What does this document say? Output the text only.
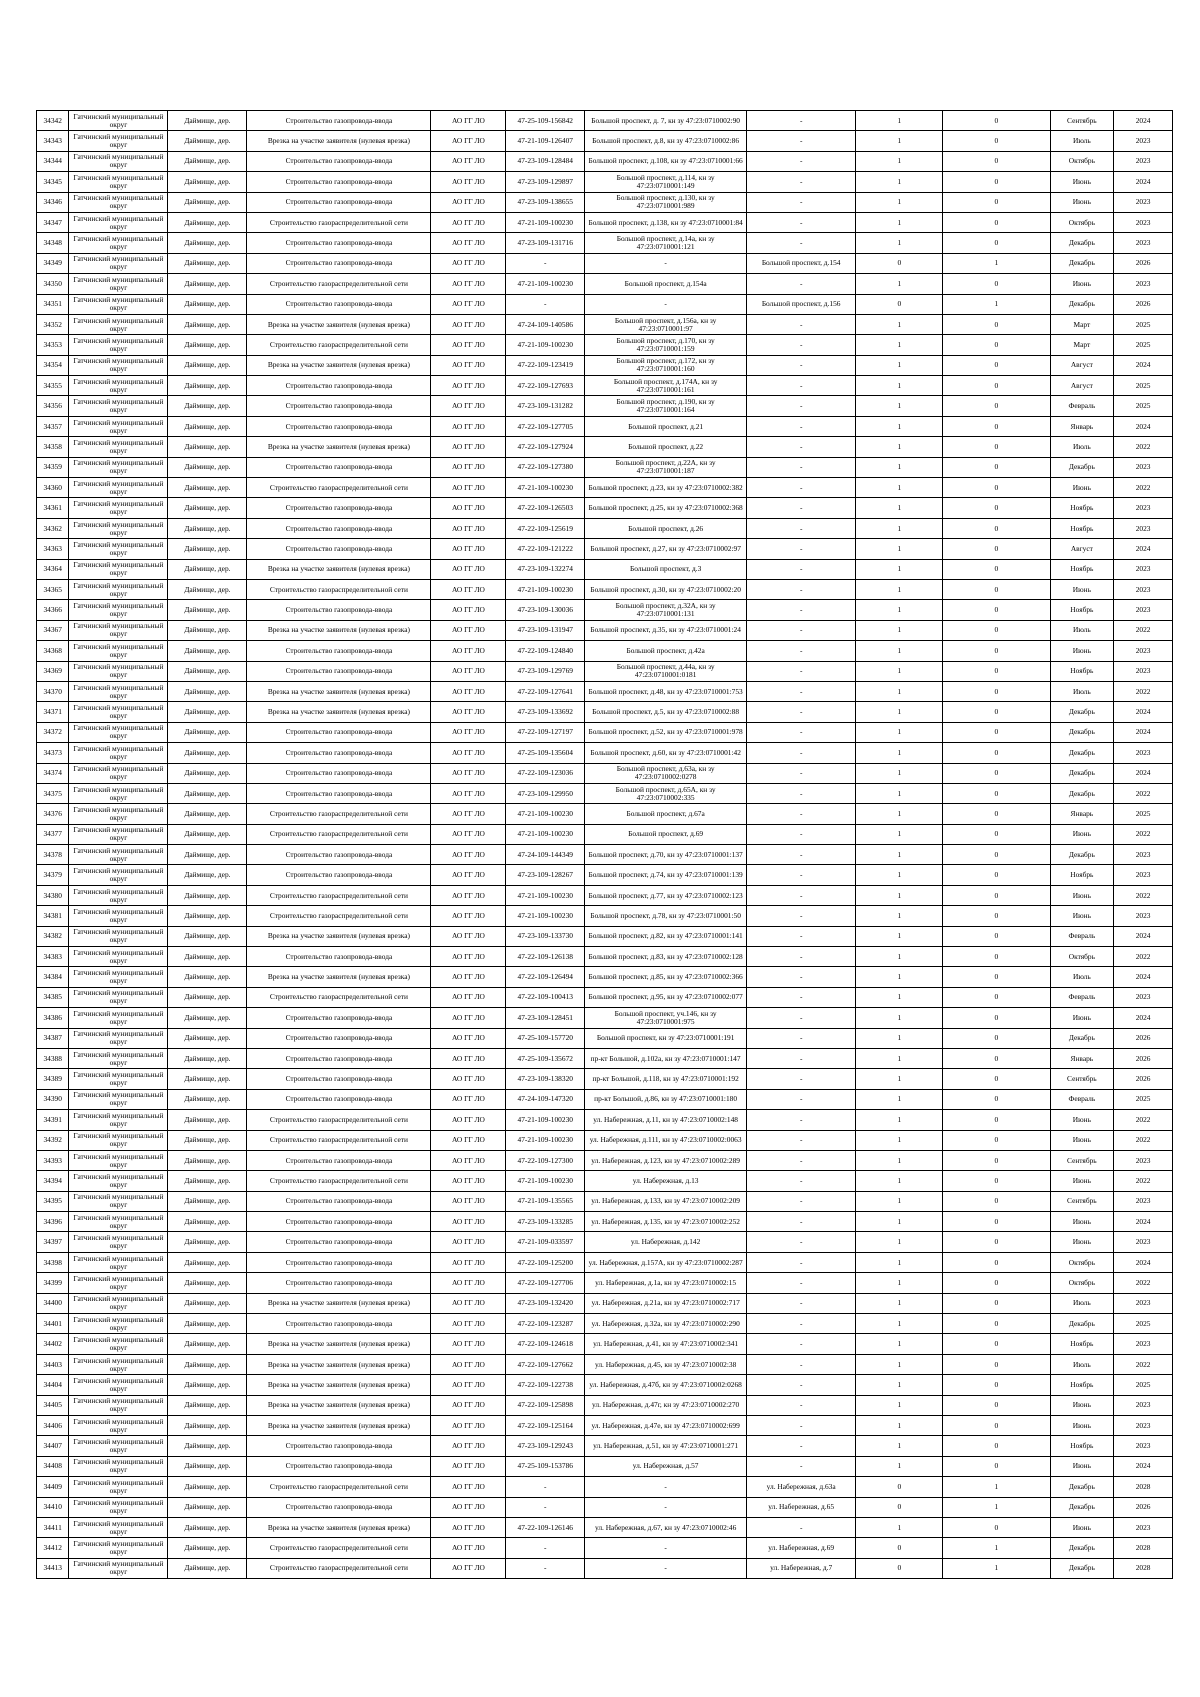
34342	Гатчинский муниципальный округ	Даймище, дер.	Строительство газопровода-ввода	АО ГГ ЛО	47-25-109-156842	Большой проспект, д. 7, кн зу 47:23:0710002:90	-	1	0	Сентябрь	2024
34343	Гатчинский муниципальный округ	Даймище, дер.	Врезка на участке заявителя (нулевая врезка)	АО ГГ ЛО	47-21-109-126407	Большой проспект, д.8, кн зу 47:23:0710002:86	-	1	0	Июль	2023
34344	Гатчинский муниципальный округ	Даймище, дер.	Строительство газопровода-ввода	АО ГГ ЛО	47-23-109-128484	Большой проспект, д.108, кн зу 47:23:0710001:66	-	1	0	Октябрь	2023
34345	Гатчинский муниципальный округ	Даймище, дер.	Строительство газопровода-ввода	АО ГГ ЛО	47-23-109-129897	Большой проспект, д.114, кн зу 47:23:0710001:149	-	1	0	Июнь	2024
34346	Гатчинский муниципальный округ	Даймище, дер.	Строительство газопровода-ввода	АО ГГ ЛО	47-23-109-138655	Большой проспект, д.130, кн зу 47:23:0710001:989	-	1	0	Июнь	2023
34347	Гатчинский муниципальный округ	Даймище, дер.	Строительство газораспределительной сети	АО ГГ ЛО	47-21-109-100230	Большой проспект, д.138, кн зу 47:23:0710001:84	-	1	0	Октябрь	2023
34348	Гатчинский муниципальный округ	Даймище, дер.	Строительство газопровода-ввода	АО ГГ ЛО	47-23-109-131716	Большой проспект, д.14а, кн зу 47:23:0710001:121	-	1	0	Декабрь	2023
34349	Гатчинский муниципальный округ	Даймище, дер.	Строительство газопровода-ввода	АО ГГ ЛО	-	-	Большой проспект, д.154	0	1	Декабрь	2026
34350	Гатчинский муниципальный округ	Даймище, дер.	Строительство газораспределительной сети	АО ГГ ЛО	47-21-109-100230	Большой проспект, д.154а	-	1	0	Июнь	2023
34351	Гатчинский муниципальный округ	Даймище, дер.	Строительство газопровода-ввода	АО ГГ ЛО	-	-	Большой проспект, д.156	0	1	Декабрь	2026
34352	Гатчинский муниципальный округ	Даймище, дер.	Врезка на участке заявителя (нулевая врезка)	АО ГГ ЛО	47-24-109-140586	Большой проспект, д.156а, кн зу 47:23:0710001:97	-	1	0	Март	2025
34353	Гатчинский муниципальный округ	Даймище, дер.	Строительство газораспределительной сети	АО ГГ ЛО	47-21-109-100230	Большой проспект, д.170, кн зу 47:23:0710001:159	-	1	0	Март	2025
34354	Гатчинский муниципальный округ	Даймище, дер.	Врезка на участке заявителя (нулевая врезка)	АО ГГ ЛО	47-22-109-123419	Большой проспект, д.172, кн зу 47:23:0710001:160	-	1	0	Август	2024
34355	Гатчинский муниципальный округ	Даймище, дер.	Строительство газопровода-ввода	АО ГГ ЛО	47-22-109-127693	Большой проспект, д.174А, кн зу 47:23:0710001:161	-	1	0	Август	2025
34356	Гатчинский муниципальный округ	Даймище, дер.	Строительство газопровода-ввода	АО ГГ ЛО	47-23-109-131282	Большой проспект, д.190, кн зу 47:23:0710001:164	-	1	0	Февраль	2025
34357	Гатчинский муниципальный округ	Даймище, дер.	Строительство газопровода-ввода	АО ГГ ЛО	47-22-109-127705	Большой проспект, д.21	-	1	0	Январь	2024
34358	Гатчинский муниципальный округ	Даймище, дер.	Врезка на участке заявителя (нулевая врезка)	АО ГГ ЛО	47-22-109-127924	Большой проспект, д.22	-	1	0	Июль	2022
34359	Гатчинский муниципальный округ	Даймище, дер.	Строительство газопровода-ввода	АО ГГ ЛО	47-22-109-127380	Большой проспект, д.22А, кн зу 47:23:0710001:187	-	1	0	Декабрь	2023
34360	Гатчинский муниципальный округ	Даймище, дер.	Строительство газораспределительной сети	АО ГГ ЛО	47-21-109-100230	Большой проспект, д.23, кн зу 47:23:0710002:382	-	1	0	Июнь	2022
34361	Гатчинский муниципальный округ	Даймище, дер.	Строительство газопровода-ввода	АО ГГ ЛО	47-22-109-126503	Большой проспект, д.25, кн зу 47:23:0710002:368	-	1	0	Ноябрь	2023
34362	Гатчинский муниципальный округ	Даймище, дер.	Строительство газопровода-ввода	АО ГГ ЛО	47-22-109-125619	Большой проспект, д.26	-	1	0	Ноябрь	2023
34363	Гатчинский муниципальный округ	Даймище, дер.	Строительство газопровода-ввода	АО ГГ ЛО	47-22-109-121222	Большой проспект, д.27, кн зу 47:23:0710002:97	-	1	0	Август	2024
34364	Гатчинский муниципальный округ	Даймище, дер.	Врезка на участке заявителя (нулевая врезка)	АО ГГ ЛО	47-23-109-132274	Большой проспект, д.3	-	1	0	Ноябрь	2023
34365	Гатчинский муниципальный округ	Даймище, дер.	Строительство газораспределительной сети	АО ГГ ЛО	47-21-109-100230	Большой проспект, д.30, кн зу 47:23:0710002:20	-	1	0	Июнь	2023
34366	Гатчинский муниципальный округ	Даймище, дер.	Строительство газопровода-ввода	АО ГГ ЛО	47-23-109-130036	Большой проспект, д.32А, кн зу 47:23:0710001:131	-	1	0	Ноябрь	2023
34367	Гатчинский муниципальный округ	Даймище, дер.	Врезка на участке заявителя (нулевая врезка)	АО ГГ ЛО	47-23-109-131947	Большой проспект, д.35, кн зу 47:23:0710001:24	-	1	0	Июль	2022
34368	Гатчинский муниципальный округ	Даймище, дер.	Строительство газопровода-ввода	АО ГГ ЛО	47-22-109-124840	Большой проспект, д.42а	-	1	0	Июнь	2023
34369	Гатчинский муниципальный округ	Даймище, дер.	Строительство газопровода-ввода	АО ГГ ЛО	47-23-109-129769	Большой проспект, д.44а, кн зу 47:23:0710001:0181	-	1	0	Ноябрь	2023
34370	Гатчинский муниципальный округ	Даймище, дер.	Врезка на участке заявителя (нулевая врезка)	АО ГГ ЛО	47-22-109-127641	Большой проспект, д.48, кн зу 47:23:0710001:753	-	1	0	Июль	2022
34371	Гатчинский муниципальный округ	Даймище, дер.	Врезка на участке заявителя (нулевая врезка)	АО ГГ ЛО	47-23-109-133692	Большой проспект, д.5, кн зу 47:23:0710002:88	-	1	0	Декабрь	2024
34372	Гатчинский муниципальный округ	Даймище, дер.	Строительство газопровода-ввода	АО ГГ ЛО	47-22-109-127197	Большой проспект, д.52, кн зу 47:23:0710001:978	-	1	0	Декабрь	2024
34373	Гатчинский муниципальный округ	Даймище, дер.	Строительство газопровода-ввода	АО ГГ ЛО	47-25-109-135604	Большой проспект, д.60, кн зу 47:23:0710001:42	-	1	0	Декабрь	2023
34374	Гатчинский муниципальный округ	Даймище, дер.	Строительство газопровода-ввода	АО ГГ ЛО	47-22-109-123036	Большой проспект, д.63а, кн зу 47:23:0710002:0278	-	1	0	Декабрь	2024
34375	Гатчинский муниципальный округ	Даймище, дер.	Строительство газопровода-ввода	АО ГГ ЛО	47-23-109-129950	Большой проспект, д.65А, кн зу 47:23:0710002:335	-	1	0	Декабрь	2022
34376	Гатчинский муниципальный округ	Даймище, дер.	Строительство газораспределительной сети	АО ГГ ЛО	47-21-109-100230	Большой проспект, д.67а	-	1	0	Январь	2025
34377	Гатчинский муниципальный округ	Даймище, дер.	Строительство газораспределительной сети	АО ГГ ЛО	47-21-109-100230	Большой проспект, д.69	-	1	0	Июнь	2022
34378	Гатчинский муниципальный округ	Даймище, дер.	Строительство газопровода-ввода	АО ГГ ЛО	47-24-109-144349	Большой проспект, д.70, кн зу 47:23:0710001:137	-	1	0	Декабрь	2023
34379	Гатчинский муниципальный округ	Даймище, дер.	Строительство газопровода-ввода	АО ГГ ЛО	47-23-109-128267	Большой проспект, д.74, кн зу 47:23:0710001:139	-	1	0	Ноябрь	2023
34380	Гатчинский муниципальный округ	Даймище, дер.	Строительство газораспределительной сети	АО ГГ ЛО	47-21-109-100230	Большой проспект, д.77, кн зу 47:23:0710002:123	-	1	0	Июнь	2022
34381	Гатчинский муниципальный округ	Даймище, дер.	Строительство газораспределительной сети	АО ГГ ЛО	47-21-109-100230	Большой проспект, д.78, кн зу 47:23:0710001:50	-	1	0	Июнь	2023
34382	Гатчинский муниципальный округ	Даймище, дер.	Врезка на участке заявителя (нулевая врезка)	АО ГГ ЛО	47-23-109-133730	Большой проспект, д.82, кн зу 47:23:0710001:141	-	1	0	Февраль	2024
34383	Гатчинский муниципальный округ	Даймище, дер.	Строительство газопровода-ввода	АО ГГ ЛО	47-22-109-126138	Большой проспект, д.83, кн зу 47:23:0710002:128	-	1	0	Октябрь	2022
34384	Гатчинский муниципальный округ	Даймище, дер.	Врезка на участке заявителя (нулевая врезка)	АО ГГ ЛО	47-22-109-126494	Большой проспект, д.85, кн зу 47:23:0710002:366	-	1	0	Июль	2024
34385	Гатчинский муниципальный округ	Даймище, дер.	Строительство газораспределительной сети	АО ГГ ЛО	47-22-109-100413	Большой проспект, д.95, кн зу 47:23:0710002:077	-	1	0	Февраль	2023
34386	Гатчинский муниципальный округ	Даймище, дер.	Строительство газопровода-ввода	АО ГГ ЛО	47-23-109-128451	Большой проспект, уч.146, кн зу 47:23:0710001:975	-	1	0	Июнь	2024
34387	Гатчинский муниципальный округ	Даймище, дер.	Строительство газопровода-ввода	АО ГГ ЛО	47-25-109-157720	Большой проспект, кн зу 47:23:0710001:191	-	1	0	Декабрь	2026
34388	Гатчинский муниципальный округ	Даймище, дер.	Строительство газопровода-ввода	АО ГГ ЛО	47-25-109-135672	пр-кт Большой, д.102а, кн зу 47:23:0710001:147	-	1	0	Январь	2026
34389	Гатчинский муниципальный округ	Даймище, дер.	Строительство газопровода-ввода	АО ГГ ЛО	47-23-109-138320	пр-кт Большой, д.118, кн зу 47:23:0710001:192	-	1	0	Сентябрь	2026
34390	Гатчинский муниципальный округ	Даймище, дер.	Строительство газопровода-ввода	АО ГГ ЛО	47-24-109-147320	пр-кт Большой, д.86, кн зу 47:23:0710001:180	-	1	0	Февраль	2025
34391	Гатчинский муниципальный округ	Даймище, дер.	Строительство газораспределительной сети	АО ГГ ЛО	47-21-109-100230	ул. Набережная, д.11, кн зу 47:23:0710002:148	-	1	0	Июнь	2022
34392	Гатчинский муниципальный округ	Даймище, дер.	Строительство газораспределительной сети	АО ГГ ЛО	47-21-109-100230	ул. Набережная, д.111, кн зу 47:23:0710002:0063	-	1	0	Июнь	2022
34393	Гатчинский муниципальный округ	Даймище, дер.	Строительство газопровода-ввода	АО ГГ ЛО	47-22-109-127300	ул. Набережная, д.123, кн зу 47:23:0710002:289	-	1	0	Сентябрь	2023
34394	Гатчинский муниципальный округ	Даймище, дер.	Строительство газораспределительной сети	АО ГГ ЛО	47-21-109-100230	ул. Набережная, д.13	-	1	0	Июнь	2022
34395	Гатчинский муниципальный округ	Даймище, дер.	Строительство газопровода-ввода	АО ГГ ЛО	47-21-109-135565	ул. Набережная, д.133, кн зу 47:23:0710002:209	-	1	0	Сентябрь	2023
34396	Гатчинский муниципальный округ	Даймище, дер.	Строительство газопровода-ввода	АО ГГ ЛО	47-23-109-133285	ул. Набережная, д.135, кн зу 47:23:0710002:252	-	1	0	Июнь	2024
34397	Гатчинский муниципальный округ	Даймище, дер.	Строительство газопровода-ввода	АО ГГ ЛО	47-21-109-033597	ул. Набережная, д.142	-	1	0	Июнь	2023
34398	Гатчинский муниципальный округ	Даймище, дер.	Строительство газопровода-ввода	АО ГГ ЛО	47-22-109-125200	ул. Набережная, д.157А, кн зу 47:23:0710002:287	-	1	0	Октябрь	2024
34399	Гатчинский муниципальный округ	Даймище, дер.	Строительство газопровода-ввода	АО ГГ ЛО	47-22-109-127706	ул. Набережная, д.1а, кн зу 47:23:0710002:15	-	1	0	Октябрь	2022
34400	Гатчинский муниципальный округ	Даймище, дер.	Врезка на участке заявителя (нулевая врезка)	АО ГГ ЛО	47-23-109-132420	ул. Набережная, д.21а, кн зу 47:23:0710002:717	-	1	0	Июль	2023
34401	Гатчинский муниципальный округ	Даймище, дер.	Строительство газопровода-ввода	АО ГГ ЛО	47-22-109-123287	ул. Набережная, д.32а, кн зу 47:23:0710002:290	-	1	0	Декабрь	2025
34402	Гатчинский муниципальный округ	Даймище, дер.	Врезка на участке заявителя (нулевая врезка)	АО ГГ ЛО	47-22-109-124618	ул. Набережная, д.41, кн зу 47:23:0710002:341	-	1	0	Ноябрь	2023
34403	Гатчинский муниципальный округ	Даймище, дер.	Врезка на участке заявителя (нулевая врезка)	АО ГГ ЛО	47-22-109-127662	ул. Набережная, д.45, кн зу 47:23:0710002:38	-	1	0	Июль	2022
34404	Гатчинский муниципальный округ	Даймище, дер.	Врезка на участке заявителя (нулевая врезка)	АО ГГ ЛО	47-22-109-122738	ул. Набережная, д.47б, кн зу 47:23:0710002:0268	-	1	0	Ноябрь	2025
34405	Гатчинский муниципальный округ	Даймище, дер.	Врезка на участке заявителя (нулевая врезка)	АО ГГ ЛО	47-22-109-125898	ул. Набережная, д.47г, кн зу 47:23:0710002:270	-	1	0	Июнь	2023
34406	Гатчинский муниципальный округ	Даймище, дер.	Врезка на участке заявителя (нулевая врезка)	АО ГГ ЛО	47-22-109-125164	ул. Набережная, д.47е, кн зу 47:23:0710002:699	-	1	0	Июнь	2023
34407	Гатчинский муниципальный округ	Даймище, дер.	Строительство газопровода-ввода	АО ГГ ЛО	47-23-109-129243	ул. Набережная, д.51, кн зу 47:23:0710001:271	-	1	0	Ноябрь	2023
34408	Гатчинский муниципальный округ	Даймище, дер.	Строительство газопровода-ввода	АО ГГ ЛО	47-25-109-153786	ул. Набережная, д.57	-	1	0	Июнь	2024
34409	Гатчинский муниципальный округ	Даймище, дер.	Строительство газораспределительной сети	АО ГГ ЛО	-	-	ул. Набережная, д.63а	0	1	Декабрь	2028
34410	Гатчинский муниципальный округ	Даймище, дер.	Строительство газопровода-ввода	АО ГГ ЛО	-	-	ул. Набережная, д.65	0	1	Декабрь	2026
34411	Гатчинский муниципальный округ	Даймище, дер.	Врезка на участке заявителя (нулевая врезка)	АО ГГ ЛО	47-22-109-126146	ул. Набережная, д.67, кн зу 47:23:0710002:46	-	1	0	Июнь	2023
34412	Гатчинский муниципальный округ	Даймище, дер.	Строительство газораспределительной сети	АО ГГ ЛО	-	-	ул. Набережная, д.69	0	1	Декабрь	2028
34413	Гатчинский муниципальный округ	Даймище, дер.	Строительство газораспределительной сети	АО ГГ ЛО	-	-	ул. Набережная, д.7	0	1	Декабрь	2028
